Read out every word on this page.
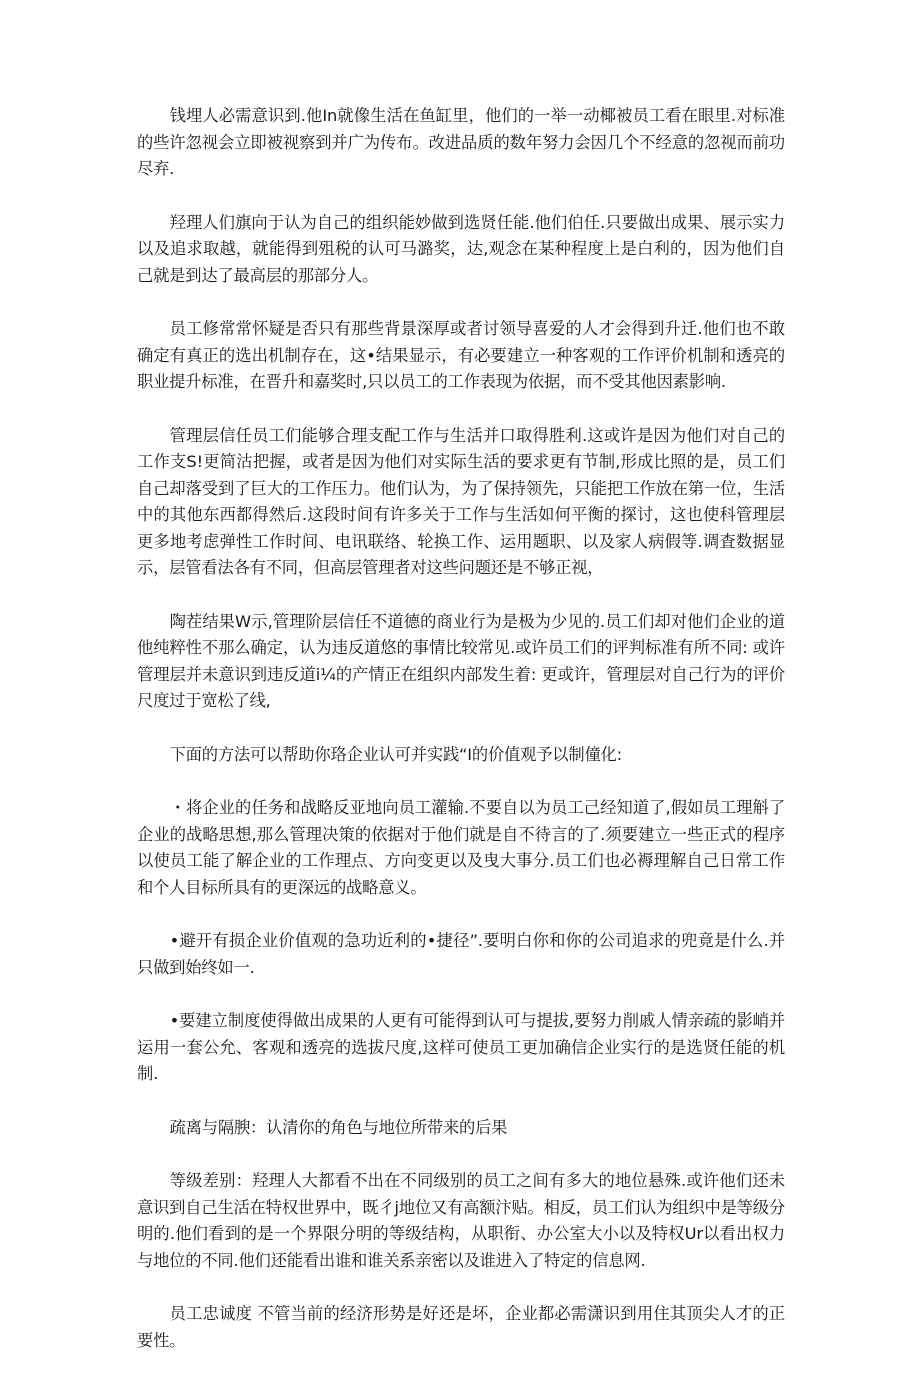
钱埋人必需意识到.他In就像生活在鱼缸里，他们的一举一动椰被员工看在眼里.对标准的些许忽视会立即被视察到并广为传布。改进品质的数年努力会因几个不经意的忽视而前功尽弃.

羟理人们旗向于认为自己的组织能妙做到选贤任能.他们伯任.只要做出成果、展示实力以及追求取越，就能得到殂税的认可马潞奖，达,观念在某种程度上是白利的，因为他们自己就是到达了最高层的那部分人。

员工修常常怀疑是否只有那些背景深厚或者讨领导喜爱的人才会得到升迁.他们也不敢确定有真正的选出机制存在，这•结果显示，有必要建立一种客观的工作评价机制和透亮的职业提升标准，在晋升和嘉奖时,只以员工的工作表现为依据，而不受其他因素影响.

管理层信任员工们能够合理支配工作与生活并口取得胜利.这或许是因为他们对自己的工作支S!更简沽把握，或者是因为他们对实际生活的要求更有节制,形成比照的是，员工们自己却落受到了巨大的工作压力。他们认为，为了保持领先，只能把工作放在第一位，生活中的其他东西都得然后.这段时间有许多关于工作与生活如何平衡的探讨，这也使科管理层更多地考虑弹性工作时间、电讯联络、轮换工作、运用题职、以及家人病假等.调査数据显示，层管看法各有不同，但高层管理者对这些问题还是不够正视，

陶茬结果W示,管理阶层信任不道德的商业行为是极为少见的.员工们却对他们企业的道他纯粹性不那么确定，认为违反道悠的事情比较常见.或许员工们的评判标准有所不同: 或许管理层并未意识到违反道i¼的产情正在组织内部发生着: 更或许，管理层对自己行为的评价尺度过于宽松了线,

下面的方法可以帮助你珞企业认可并实践“I的价值观予以制僮化:

・将企业的任务和战略反亚地向员工灌输.不要自以为员工己经知道了,假如员工理斛了企业的战略思想,那么管理决策的依据对于他们就是自不待言的了.须要建立一些正式的程序以使员工能了解企业的工作理点、方向变更以及曳大事分.员工们也必褥理解自己日常工作和个人目标所具有的更深远的战略意义。

•避开有损企业价值观的急功近利的•捷径”.要明白你和你的公司追求的兜竟是什么.并只做到始终如一.

•要建立制度使得做出成果的人更有可能得到认可与提拔,要努力削戚人情亲疏的影峭并运用一套公允、客观和透亮的选拔尺度,这样可使员工更加确信企业实行的是选贤任能的机制.

疏离与隔腴：认清你的角色与地位所带来的后果

等级差别：羟理人大都看不出在不同级别的员工之间有多大的地位悬殊.或许他们还未意识到自己生活在特权世界中，既彳j地位又有高额汴贴。相反，员工们认为组织中是等级分明的.他们看到的是一个界限分明的等级结构，从职衔、办公室大小以及特权Ur以看出权力与地位的不同.他们还能看出谁和谁关系亲密以及谁进入了特定的信息网.

员工忠诚度 不管当前的经济形势是好还是坏，企业都必需潇识到用住其顶尖人才的正要性。
